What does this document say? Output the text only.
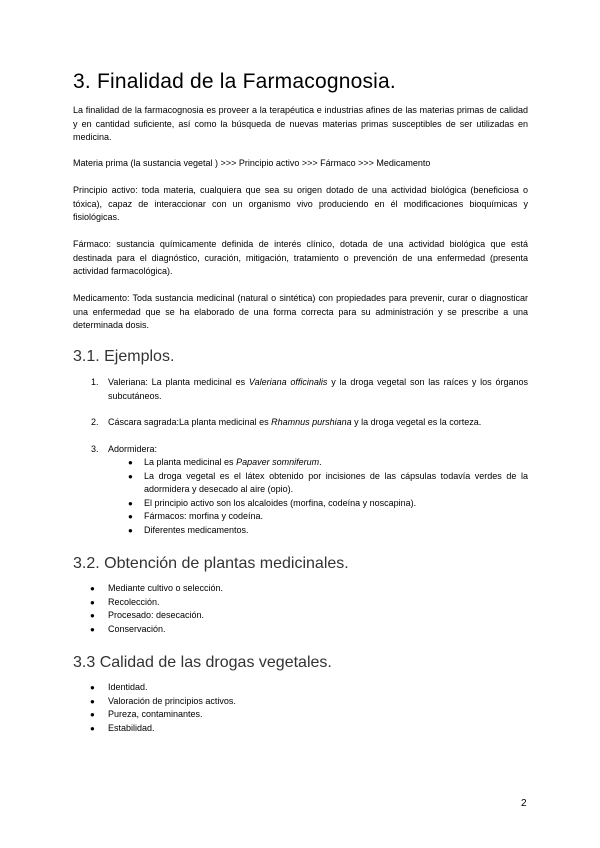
3. Finalidad de la Farmacognosia.

La finalidad de la farmacognosia es proveer a la terapéutica e industrias afines de las materias primas de calidad y en cantidad suficiente, así como la búsqueda de nuevas materias primas susceptibles de ser utilizadas en medicina.

Materia prima (la sustancia vegetal ) >>> Principio activo >>> Fármaco >>> Medicamento

Principio activo: toda materia, cualquiera que sea su origen dotado de una actividad biológica (beneficiosa o tóxica), capaz de interaccionar con un organismo vivo produciendo en él modificaciones bioquímicas y fisiológicas.

Fármaco: sustancia químicamente definida de interés clínico, dotada de una actividad biológica que está destinada para el diagnóstico, curación, mitigación, tratamiento o prevención de una enfermedad (presenta actividad farmacológica).

Medicamento: Toda sustancia medicinal (natural o sintética) con propiedades para prevenir, curar o diagnosticar una enfermedad que se ha elaborado de una forma correcta para su administración y se prescribe a una determinada dosis.

3.1. Ejemplos.
1. Valeriana: La planta medicinal es Valeriana officinalis y la droga vegetal son las raíces y los órganos subcutáneos.
2. Cáscara sagrada:La planta medicinal es Rhamnus purshiana y la droga vegetal es la corteza.
3. Adormidera:
● La planta medicinal es Papaver somniferum.
● La droga vegetal es el látex obtenido por incisiones de las cápsulas todavía verdes de la adormidera y desecado al aire (opio).
● El principio activo son los alcaloides (morfina, codeína y noscapina).
● Fármacos: morfina y codeína.
● Diferentes medicamentos.
3.2. Obtención de plantas medicinales.
● Mediante cultivo o selección.
● Recolección.
● Procesado: desecación.
● Conservación.
3.3 Calidad de las drogas vegetales.
● Identidad.
● Valoración de principios activos.
● Pureza, contaminantes.
● Estabilidad.
2
